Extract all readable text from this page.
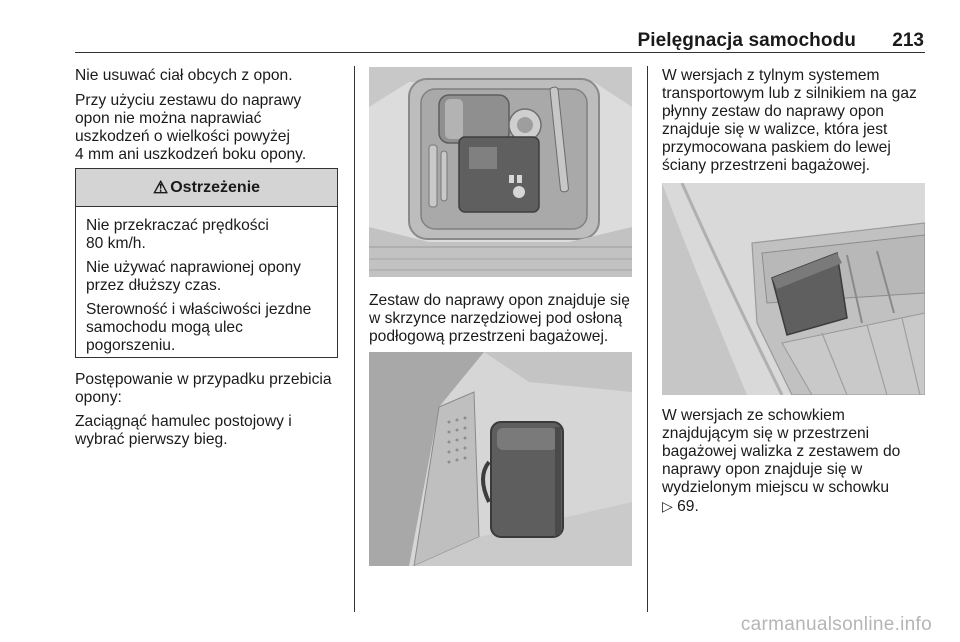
Pielęgnacja samochodu 213

Nie usuwać ciał obcych z opon.

Przy użyciu zestawu do naprawy
opon nie można naprawiać
uszkodzeń o wielkości powyżej
4 mm ani uszkodzeń boku opony.

⚠ Ostrzeżenie

Nie przekraczać prędkości
80 km/h.

Nie używać naprawionej opony
przez dłuższy czas.

Sterowność i właściwości jezdne
samochodu mogą ulec
pogorszeniu.

Postępowanie w przypadku przebicia
opony:

Zaciągnąć hamulec postojowy i
wybrać pierwszy bieg.

Zestaw do naprawy opon znajduje się
w skrzynce narzędziowej pod osłoną
podłogową przestrzeni bagażowej.

W wersjach z tylnym systemem
transportowym lub z silnikiem na gaz
płynny zestaw do naprawy opon
znajduje się w walizce, która jest
przymocowana paskiem do lewej
ściany przestrzeni bagażowej.

W wersjach ze schowkiem
znajdującym się w przestrzeni
bagażowej walizka z zestawem do
naprawy opon znajduje się w
wydzielonym miejscu w schowku
▷ 69.

carmanualsonline.info
